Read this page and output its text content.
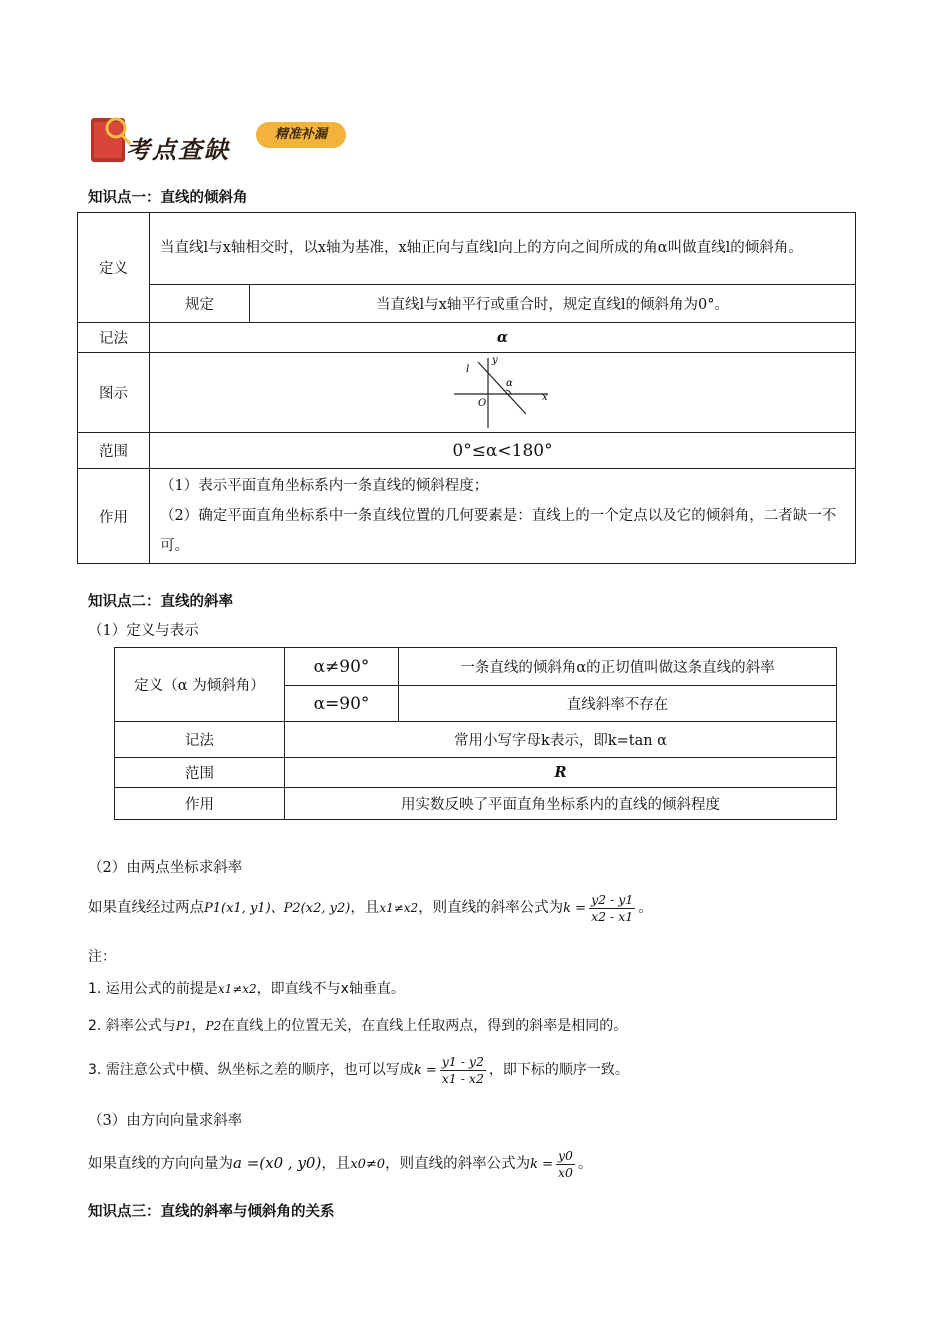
考点查缺
精准补漏
知识点一：直线的倾斜角
定义	当直线l与x轴相交时，以x轴为基准，x轴正向与直线l向上的方向之间所成的角α叫做直线l的倾斜角。	
	规定	当直线l与x轴平行或重合时，规定直线l的倾斜角为0°。
记法	α	
图示	y
l
α
O
x	

范围	0°≤α<180°	
作用	（1）表示平面直角坐标系内一条直线的倾斜程度；
（2）确定平面直角坐标系中一条直线位置的几何要素是：直线上的一个定点以及它的倾斜角，二者缺一不可。	
知识点二：直线的斜率
（1）定义与表示
定义（α 为倾斜角）	α≠90°	一条直线的倾斜角α的正切值叫做这条直线的斜率
	α=90°	直线斜率不存在
记法	常用小写字母k表示，即k=tan α	
范围	R	
作用	用实数反映了平面直角坐标系内的直线的倾斜程度	
（2）由两点坐标求斜率
如果直线经过两点P1(x1, y1)、P2(x2, y2)，且x1≠x2，则直线的斜率公式为$k = \frac{y2 - y1}{x2 - x1}$ 。
注：
1. 运用公式的前提是x1≠x2，即直线不与x轴垂直。
2. 斜率公式与P1，P2在直线上的位置无关，在直线上任取两点，得到的斜率是相同的。
3. 需注意公式中横、纵坐标之差的顺序，也可以写成$k = \frac{y1 - y2}{x1 - x2}$ ，即下标的顺序一致。
（3）由方向向量求斜率
如果直线的方向向量为a =(x0 , y0)，且x0≠0，则直线的斜率公式为$k = \frac{y0}{x0}$ 。
知识点三：直线的斜率与倾斜角的关系
